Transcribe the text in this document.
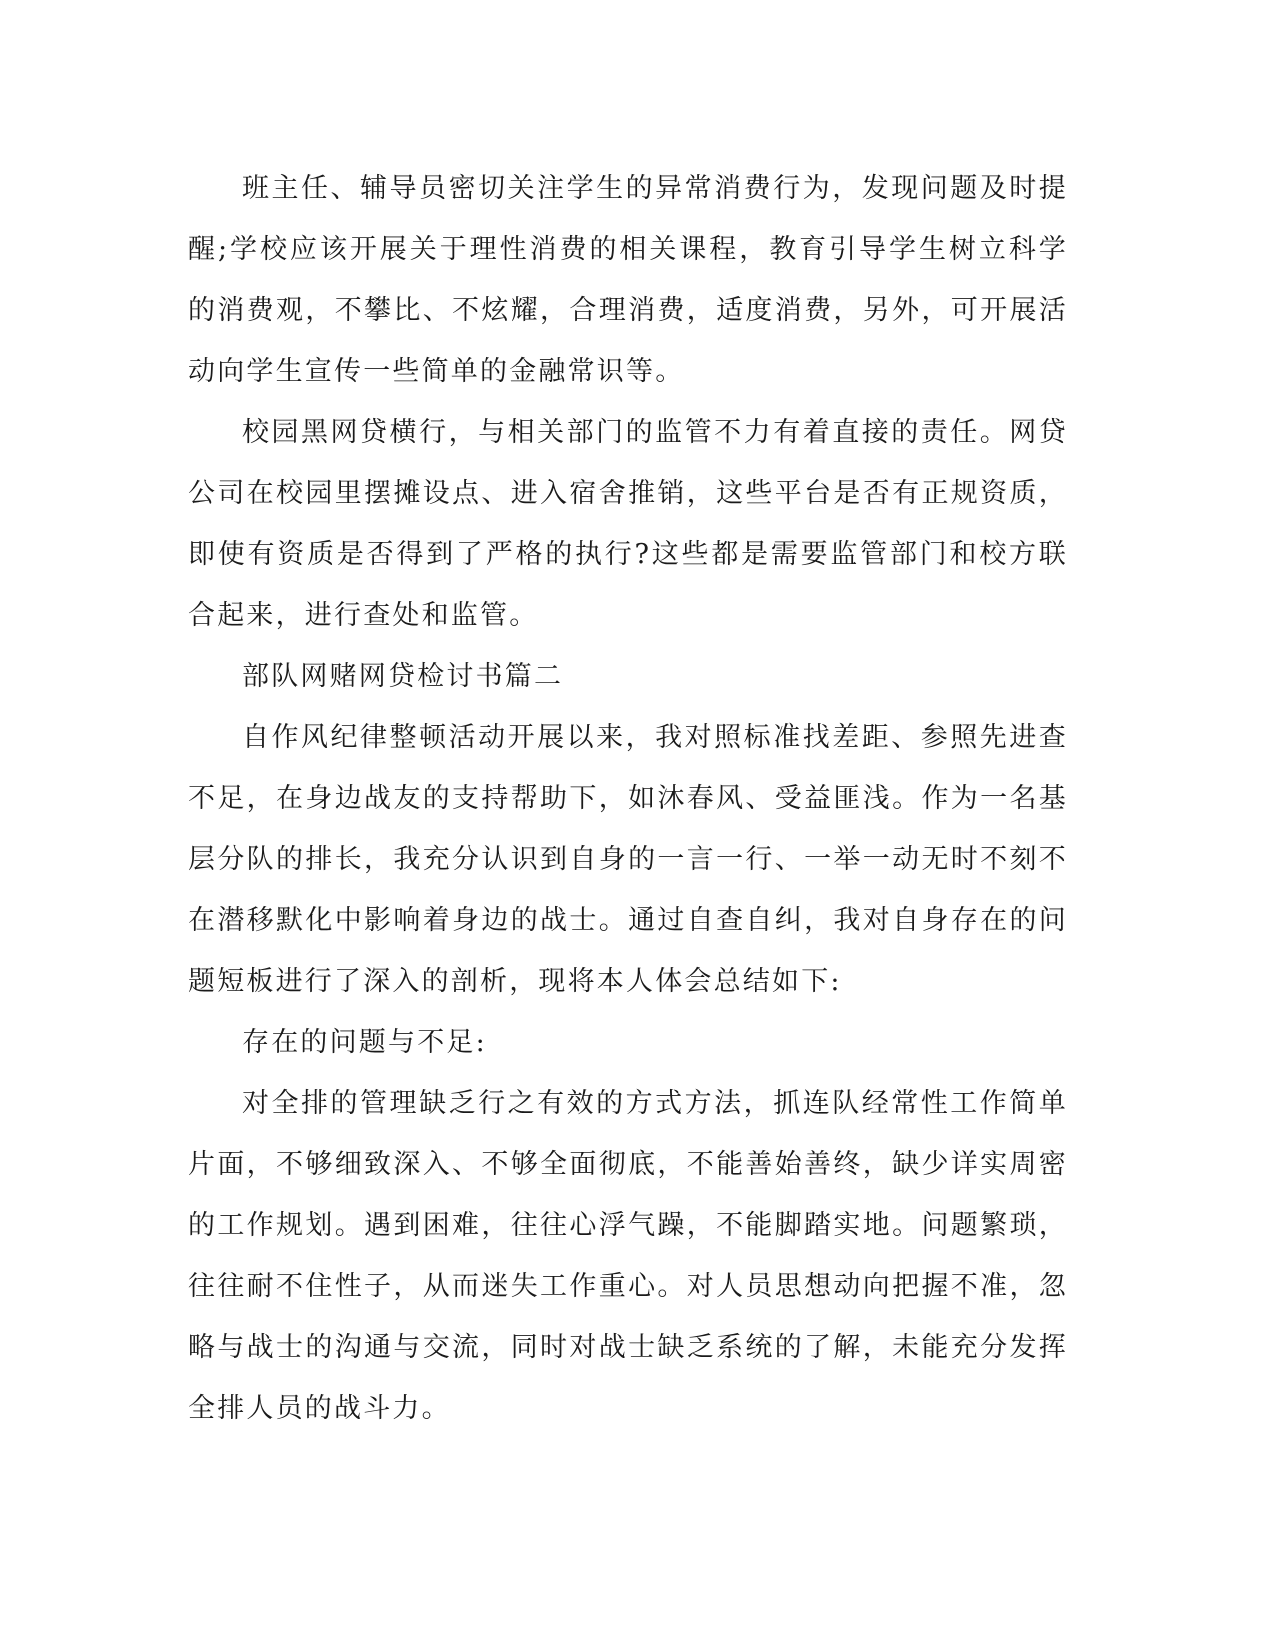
班主任、辅导员密切关注学生的异常消费行为，发现问题及时提醒;学校应该开展关于理性消费的相关课程，教育引导学生树立科学的消费观，不攀比、不炫耀，合理消费，适度消费，另外，可开展活动向学生宣传一些简单的金融常识等。

校园黑网贷横行，与相关部门的监管不力有着直接的责任。网贷公司在校园里摆摊设点、进入宿舍推销，这些平台是否有正规资质，即使有资质是否得到了严格的执行?这些都是需要监管部门和校方联合起来，进行查处和监管。

部队网赌网贷检讨书篇二

自作风纪律整顿活动开展以来，我对照标准找差距、参照先进查不足，在身边战友的支持帮助下，如沐春风、受益匪浅。作为一名基层分队的排长，我充分认识到自身的一言一行、一举一动无时不刻不在潜移默化中影响着身边的战士。通过自查自纠，我对自身存在的问题短板进行了深入的剖析，现将本人体会总结如下:

存在的问题与不足:

对全排的管理缺乏行之有效的方式方法，抓连队经常性工作简单片面，不够细致深入、不够全面彻底，不能善始善终，缺少详实周密的工作规划。遇到困难，往往心浮气躁，不能脚踏实地。问题繁琐，往往耐不住性子，从而迷失工作重心。对人员思想动向把握不准，忽略与战士的沟通与交流，同时对战士缺乏系统的了解，未能充分发挥全排人员的战斗力。
